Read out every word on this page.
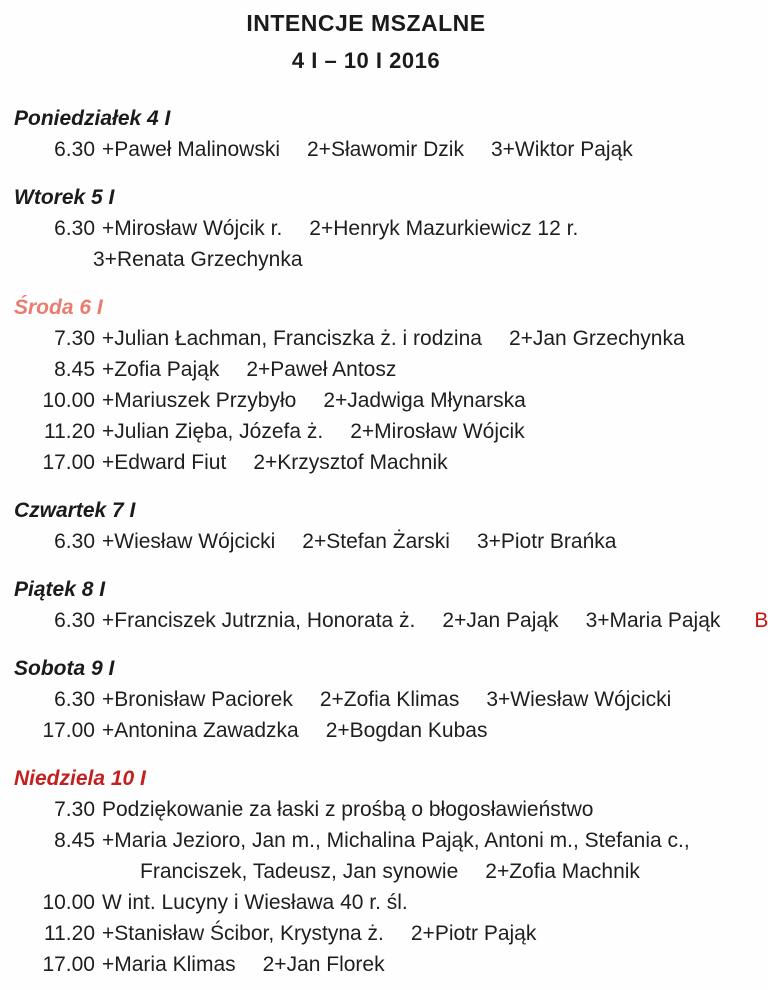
INTENCJE MSZALNE
4 I – 10 I 2016
Poniedziałek 4 I
6.30 +Paweł Malinowski 2+Sławomir Dzik 3+Wiktor Pająk
Wtorek 5 I
6.30 +Mirosław Wójcik r. 2+Henryk Mazurkiewicz 12 r.
3+Renata Grzechynka
Środa 6 I
7.30 +Julian Łachman, Franciszka ż. i rodzina 2+Jan Grzechynka
8.45 +Zofia Pająk 2+Paweł Antosz
10.00 +Mariuszek Przybyło 2+Jadwiga Młynarska
11.20 +Julian Zięba, Józefa ż. 2+Mirosław Wójcik
17.00 +Edward Fiut 2+Krzysztof Machnik
Czwartek 7 I
6.30 +Wiesław Wójcicki 2+Stefan Żarski 3+Piotr Brańka
Piątek 8 I
6.30 +Franciszek Jutrznia, Honorata ż. 2+Jan Pająk 3+Maria Pająk B
Sobota 9 I
6.30 +Bronisław Paciorek 2+Zofia Klimas 3+Wiesław Wójcicki
17.00 +Antonina Zawadzka 2+Bogdan Kubas
Niedziela 10 I
7.30 Podziękowanie za łaski z prośbą o błogosławieństwo
8.45 +Maria Jezioro, Jan m., Michalina Pająk, Antoni m., Stefania c.,
Franciszek, Tadeusz, Jan synowie 2+Zofia Machnik
10.00 W int. Lucyny i Wiesława 40 r. śl.
11.20 +Stanisław Ścibor, Krystyna ż. 2+Piotr Pająk
17.00 +Maria Klimas 2+Jan Florek
